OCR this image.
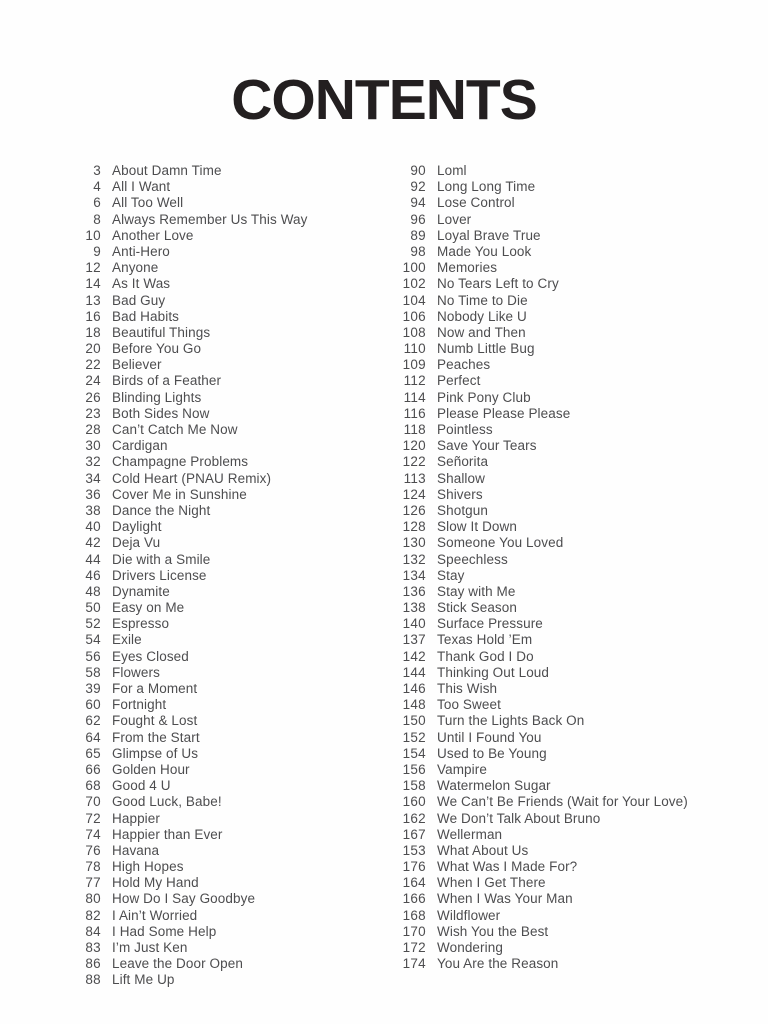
CONTENTS
3 About Damn Time
4 All I Want
6 All Too Well
8 Always Remember Us This Way
10 Another Love
9 Anti-Hero
12 Anyone
14 As It Was
13 Bad Guy
16 Bad Habits
18 Beautiful Things
20 Before You Go
22 Believer
24 Birds of a Feather
26 Blinding Lights
23 Both Sides Now
28 Can’t Catch Me Now
30 Cardigan
32 Champagne Problems
34 Cold Heart (PNAU Remix)
36 Cover Me in Sunshine
38 Dance the Night
40 Daylight
42 Deja Vu
44 Die with a Smile
46 Drivers License
48 Dynamite
50 Easy on Me
52 Espresso
54 Exile
56 Eyes Closed
58 Flowers
39 For a Moment
60 Fortnight
62 Fought & Lost
64 From the Start
65 Glimpse of Us
66 Golden Hour
68 Good 4 U
70 Good Luck, Babe!
72 Happier
74 Happier than Ever
76 Havana
78 High Hopes
77 Hold My Hand
80 How Do I Say Goodbye
82 I Ain’t Worried
84 I Had Some Help
83 I’m Just Ken
86 Leave the Door Open
88 Lift Me Up
90 Loml
92 Long Long Time
94 Lose Control
96 Lover
89 Loyal Brave True
98 Made You Look
100 Memories
102 No Tears Left to Cry
104 No Time to Die
106 Nobody Like U
108 Now and Then
110 Numb Little Bug
109 Peaches
112 Perfect
114 Pink Pony Club
116 Please Please Please
118 Pointless
120 Save Your Tears
122 Señorita
113 Shallow
124 Shivers
126 Shotgun
128 Slow It Down
130 Someone You Loved
132 Speechless
134 Stay
136 Stay with Me
138 Stick Season
140 Surface Pressure
137 Texas Hold ’Em
142 Thank God I Do
144 Thinking Out Loud
146 This Wish
148 Too Sweet
150 Turn the Lights Back On
152 Until I Found You
154 Used to Be Young
156 Vampire
158 Watermelon Sugar
160 We Can’t Be Friends (Wait for Your Love)
162 We Don’t Talk About Bruno
167 Wellerman
153 What About Us
176 What Was I Made For?
164 When I Get There
166 When I Was Your Man
168 Wildflower
170 Wish You the Best
172 Wondering
174 You Are the Reason
